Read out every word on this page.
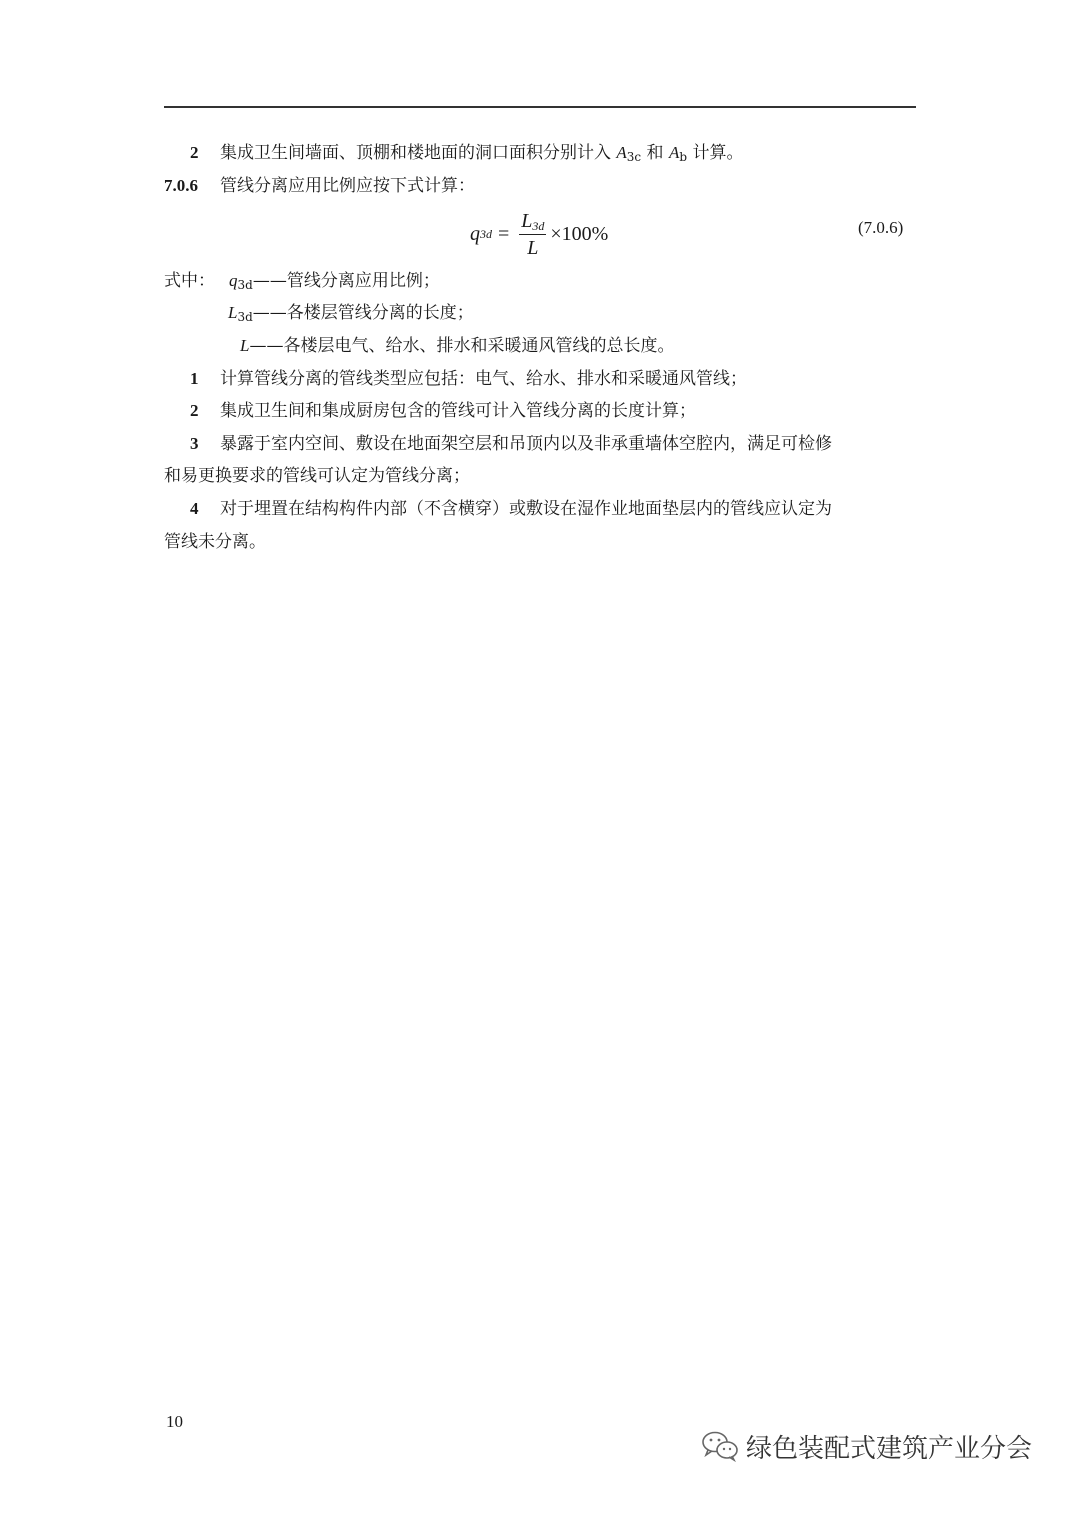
2 集成卫生间墙面、顶棚和楼地面的洞口面积分别计入 $A_{3c}$ 和 $A_b$ 计算。
7.0.6 管线分离应用比例应按下式计算：
q $3d = \frac{L_{3d}}{L} \times 100\%$	(7.0.6)
式中： $q_{3d}——$管线分离应用比例；
$L_{3d}——$各楼层管线分离的长度；
L——各楼层电气、给水、排水和采暖通风管线的总长度。
1 计算管线分离的管线类型应包括：电气、给水、排水和采暖通风管线；
2 集成卫生间和集成厨房包含的管线可计入管线分离的长度计算；
3 暴露于室内空间、敷设在地面架空层和吊顶内以及非承重墙体空腔内，满足可检修
和易更换要求的管线可认定为管线分离；
4 对于埋置在结构构件内部（不含横穿）或敷设在湿作业地面垫层内的管线应认定为
管线未分离。
10
绿色装配式建筑产业分会
